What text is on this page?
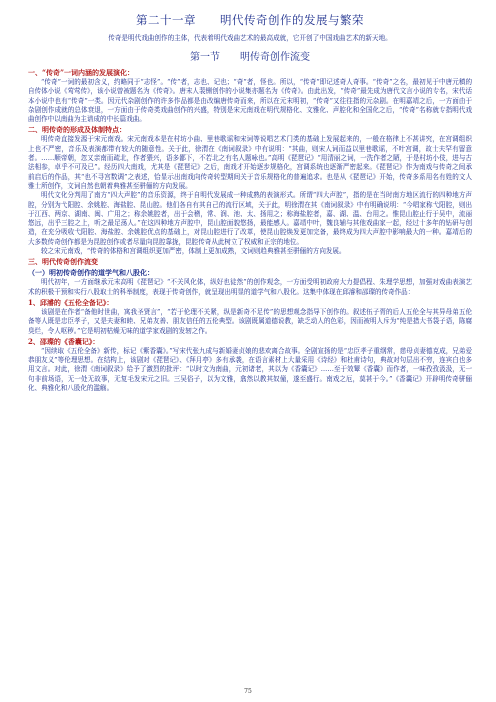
第二十一章　　明代传奇创作的发展与繁荣
传奇是明代戏曲创作的主体，代表着明代戏曲艺术的最高成就，它开创了中国戏曲艺术的新天地。
第一节　　明传奇创作流变
一、“传奇”一词内涵的发展演化：
“传奇”一词的最初含义，约略同于“志怪”。“传”者，志也、记也；“奇”者，怪也。所以，“传奇”即记述奇人奇事。“传奇”之名，最初见于中唐元稹的自传体小说《莺莺传》，该小说曾被题名为《传奇》。唐末人裴铏创作的小说集亦题名为《传奇》。由此出发，“传奇”最先成为唐代文言小说的专名，宋代话本小说中也有“传奇”一类。因元代杂剧创作的许多作品都是由改编唐传奇而来，所以在元末明初，“传奇”又往往指的元杂剧。在明嘉靖之后，一方面由于杂剧创作成就的总体衰退，一方面由于传奇类戏曲创作的兴盛，特别是宋元南戏在明代规格化、文雅化、声腔化和全国化之后，“传奇”名称就专指明代戏曲创作中以南曲为主谱成的中长篇戏曲。
二、明传奇的形成及体制特点：
明传奇直接发源于宋元南戏。宋元南戏本是在村坊小曲、里巷歌谣和宋词等说唱艺术门类的基础上发展起来的，一般在格律上不甚讲究，在宫调组织上也不严密，音乐及表演都带有较大的随意性。关于此，徐渭在《南词叙录》中有说明：“其曲，则宋人词而益以里巷歌谣，不叶宫调，故士夫罕有留意者。……顺帝朝，忽又亲南而疏北，作者猥兴，语多鄙下，不若北之有名人题咏也。”高明《琵琶记》“用清丽之词，一洗作者之陋，于是村坊小伎，进与古法相参，卓乎不可及已”。经历四大南戏，尤其是《琵琶记》之后，南戏才开始逐步规格化，宫调系统也逐渐严密起来。《琵琶记》作为南戏与传奇之间承前启后的作品，其“也不寻宫数调”之表述，恰显示出南戏向传奇转型期间关于音乐规格化的普遍追求。也是从《琵琶记》开始，传奇多系用名有姓的文人雅士所创作，文词自然也朝着典雅甚至骈俪的方向发展。
明代文化分判用了南方“四大声腔”的音乐资源，终于自明代发展成一种成熟的表演形式。所谓“四大声腔”，指的是在当时南方地区流行的四种地方声腔，分别为弋阳腔、余姚腔、海盐腔、昆山腔。他们各自有其自己的流行区域，关于此，明徐渭在其《南词叙录》中有明确说明：“今唱家称弋阳腔，则出于江西、两京、湖南、闽、广用之；称余姚腔者，出于会稽，常、润、池、太、扬用之；称海盐腔者，嘉、湖、温、台用之。惟昆山腔止行于吴中，流丽悠远，出乎三腔之上，听之最足荡人。”在这四种地方声腔中，昆山腔面貌悠扬，最能感人。嘉靖中叶，魏良辅与其他戏曲家一起，经过十多年的钻研与创造，在充分吸收弋阳腔、海盐腔、余姚腔优点的基础上，对昆山腔进行了改革，使昆山腔焕发更加完备，最终成为四大声腔中影响最大的一种。嘉靖后的大多数传奇创作都是为昆腔创作或者尽量向昆腔靠拢，昆腔传奇从此树立了权威和正宗的地位。
较之宋元南戏，“传奇的体格和宫调组织更加严密，体制上更加成熟，文词则趋典雅甚至骈俪的方向发展。
三、明代传奇创作流变
（一）明初传奇创作的道学气和八股化：
明代初年，一方面继承元末高明《琵琶记》“不关风化体，纵好也徒然”的创作观念，一方面受明初政府大力提倡程、朱理学思想，加强对戏曲表演艺术的积极干预和实行八股取士的科举制度，表现于传奇创作，就呈现出明显的道学气和八股化。这集中体现在邱濬和邵璨的传奇作品：
1、邱濬的《五伦全备记》：
该剧是在作者“备他时世曲，寓我圣贤言”，“若于伦理不关紧，纵是新奇不足传”的思想观念指导下创作的。叙述伍子胥的后人五伦全与其异母弟五伦备等人既是忠臣孝子，又是夫妻和睦、兄弟友善、朋友信任的五伦典型。该剧既属道德说教，缺乏动人的色彩，因而被明人斥为“纯是措大书袋子语，陈腐臭烂，令人呕秽。”它是明初枯燥无味的道学家戏剧的发轫之作。
2、邵璨的《香囊记》：
“因续取《五伦全备》新传，标记《紫香囊》。”写宋代张九成与新婚妻贞娘的悲欢离合故事。全剧宣扬的是“忠臣孝子重纲常，慈母贞妻德克成，兄弟爱恭朋友义”等伦理思想。在结构上，该剧对《琵琶记》、《拜月亭》多有承袭，在语言素材上大量采用《诗经》和杜甫诗句，典故对句层出不穷，连宾白也多用文言。对此，徐渭《南词叙录》给予了激烈的批评：“以时文为南曲，元初诸老，其以为《香囊记》……至于效颦《香囊》而作者，一味孜孜汲汲，无一句非前场语，无一处无故事，无复毛发宋元之旧。三吴俗子，以为文雅，翕然以教其奴僮，遂至盛行。南戏之厄，莫甚于今。”《香囊记》开辟明传奇骈俪化、典雅化和八股化的滥觞。
75
